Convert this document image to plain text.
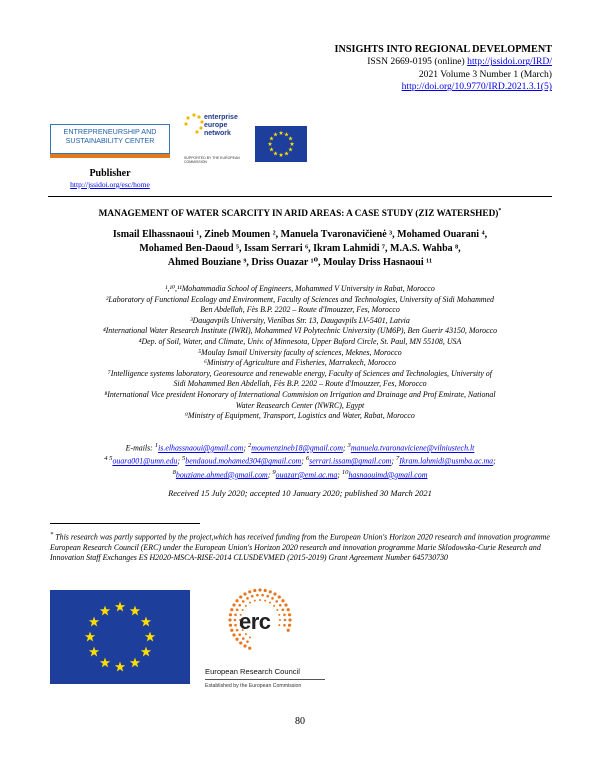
INSIGHTS INTO REGIONAL DEVELOPMENT
ISSN 2669-0195 (online) http://jssidoi.org/IRD/
2021 Volume 3 Number 1 (March)
http://doi.org/10.9770/IRD.2021.3.1(5)
ENTREPRENEURSHIP AND SUSTAINABILITY CENTER
Publisher
http://jssidoi.org/esc/home
enterprise
europe
network
SUPPORTED BY THE EUROPEAN COMMISSION
MANAGEMENT OF WATER SCARCITY IN ARID AREAS: A CASE STUDY (ZIZ WATERSHED)*
Ismail Elhassnaoui ¹, Zineb Moumen ², Manuela Tvaronavičienė ³, Mohamed Ouarani ⁴,
Mohamed Ben-Daoud ⁵, Issam Serrari ⁶, Ikram Lahmidi ⁷, M.A.S. Wahba ⁸,
Ahmed Bouziane ⁹, Driss Ouazar ¹⁰, Moulay Driss Hasnaoui ¹¹
¹,¹⁰,¹¹Mohammadia School of Engineers, Mohammed V University in Rabat, Morocco
²Laboratory of Functional Ecology and Environment, Faculty of Sciences and Technologies, University of Sidi Mohammed
Ben Abdellah, Fès B.P. 2202 – Route d'Imouzzer, Fes, Morocco
³Daugavpils University, Vienības Str. 13, Daugavpils LV-5401, Latvia
⁴International Water Research Institute (IWRI), Mohammed VI Polytechnic University (UM6P), Ben Guerir 43150, Morocco
⁴Dep. of Soil, Water, and Climate, Univ. of Minnesota, Upper Buford Circle, St. Paul, MN 55108, USA
⁵Moulay Ismail University faculty of sciences, Meknes, Morocco
⁶Ministry of Agriculture and Fisheries, Marrakech, Morocco
⁷Intelligence systems laboratory, Georesource and renewable energy, Faculty of Sciences and Technologies, University of
Sidi Mohammed Ben Abdellah, Fès B.P. 2202 – Route d'Imouzzer, Fes, Morocco
⁸International Vice president Honorary of International Commision on Irrigation and Drainage and Prof Emirate, National
Water Reasearch Center (NWRC), Egypt
⁹Ministry of Equipment, Transport, Logistics and Water, Rabat, Morocco
E-mails: $^1$is.elhassnaoui@gmail.com; $^2$moumenzineb18@gmail.com; $^3$manuela.tvaronaviciene@vilniustech.lt
$^{4 5}$ouara001@umn.edu; $^5$bendaoud.mohamed304@gmail.com; $^6$serrari.issam@gmail.com; $^7$Ikram.lahmidi@usmba.ac.ma;
$^8$bouziane.ahmed@gmail.com; $^9$ouazar@emi.ac.ma; $^{10}$hasnaouimd@gmail.com
Received 15 July 2020; accepted 10 January 2020; published 30 March 2021
* This research was partly supported by the project,which has received funding from the European Union's Horizon 2020 research and innovation programme European Research Council (ERC) under the European Union's Horizon 2020 research and innovation programme Marie Sklodowska-Curie Research and Innovation Staff Exchanges ES H2020-MSCA-RISE-2014 CLUSDEVMED (2015-2019) Grant Agreement Number 645730730
erc
European Research Council
Established by the European Commission
80
